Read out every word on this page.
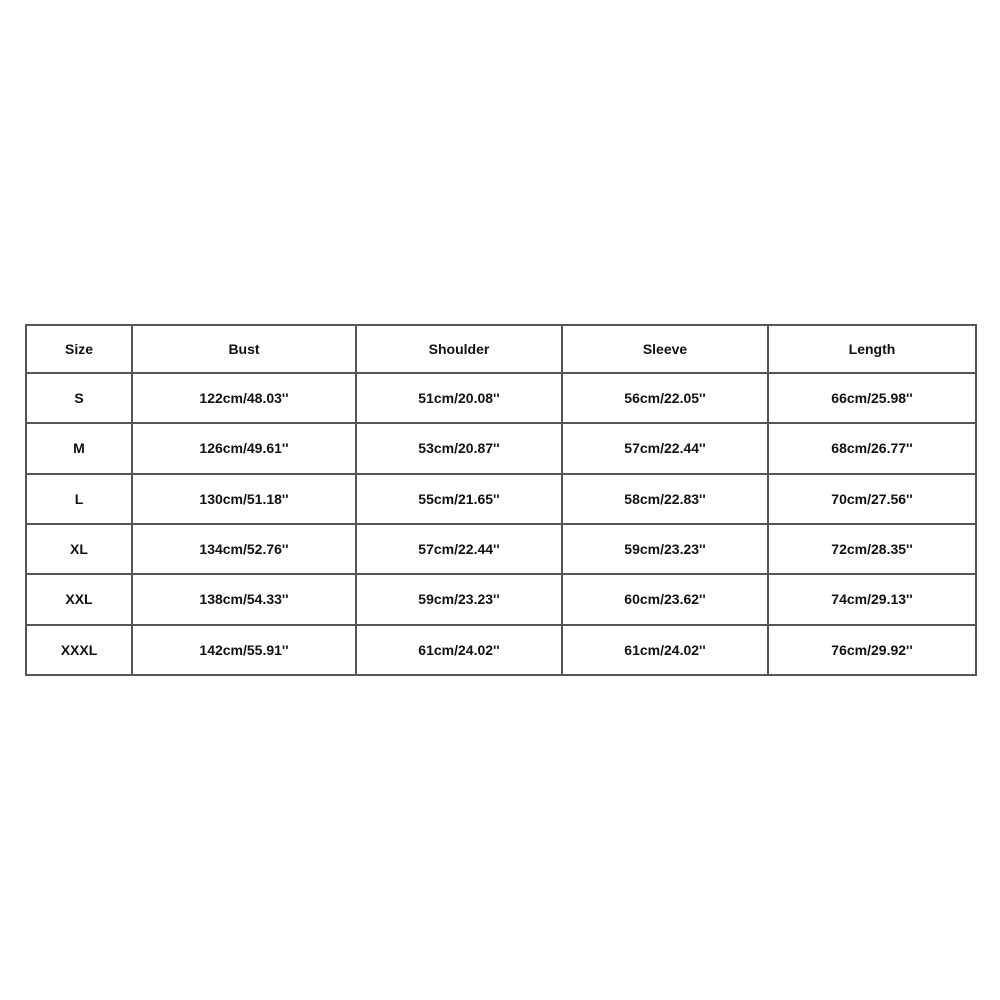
Size	Bust	Shoulder	Sleeve	Length
S	122cm/48.03''	51cm/20.08''	56cm/22.05''	66cm/25.98''
M	126cm/49.61''	53cm/20.87''	57cm/22.44''	68cm/26.77''
L	130cm/51.18''	55cm/21.65''	58cm/22.83''	70cm/27.56''
XL	134cm/52.76''	57cm/22.44''	59cm/23.23''	72cm/28.35''
XXL	138cm/54.33''	59cm/23.23''	60cm/23.62''	74cm/29.13''
XXXL	142cm/55.91''	61cm/24.02''	61cm/24.02''	76cm/29.92''
